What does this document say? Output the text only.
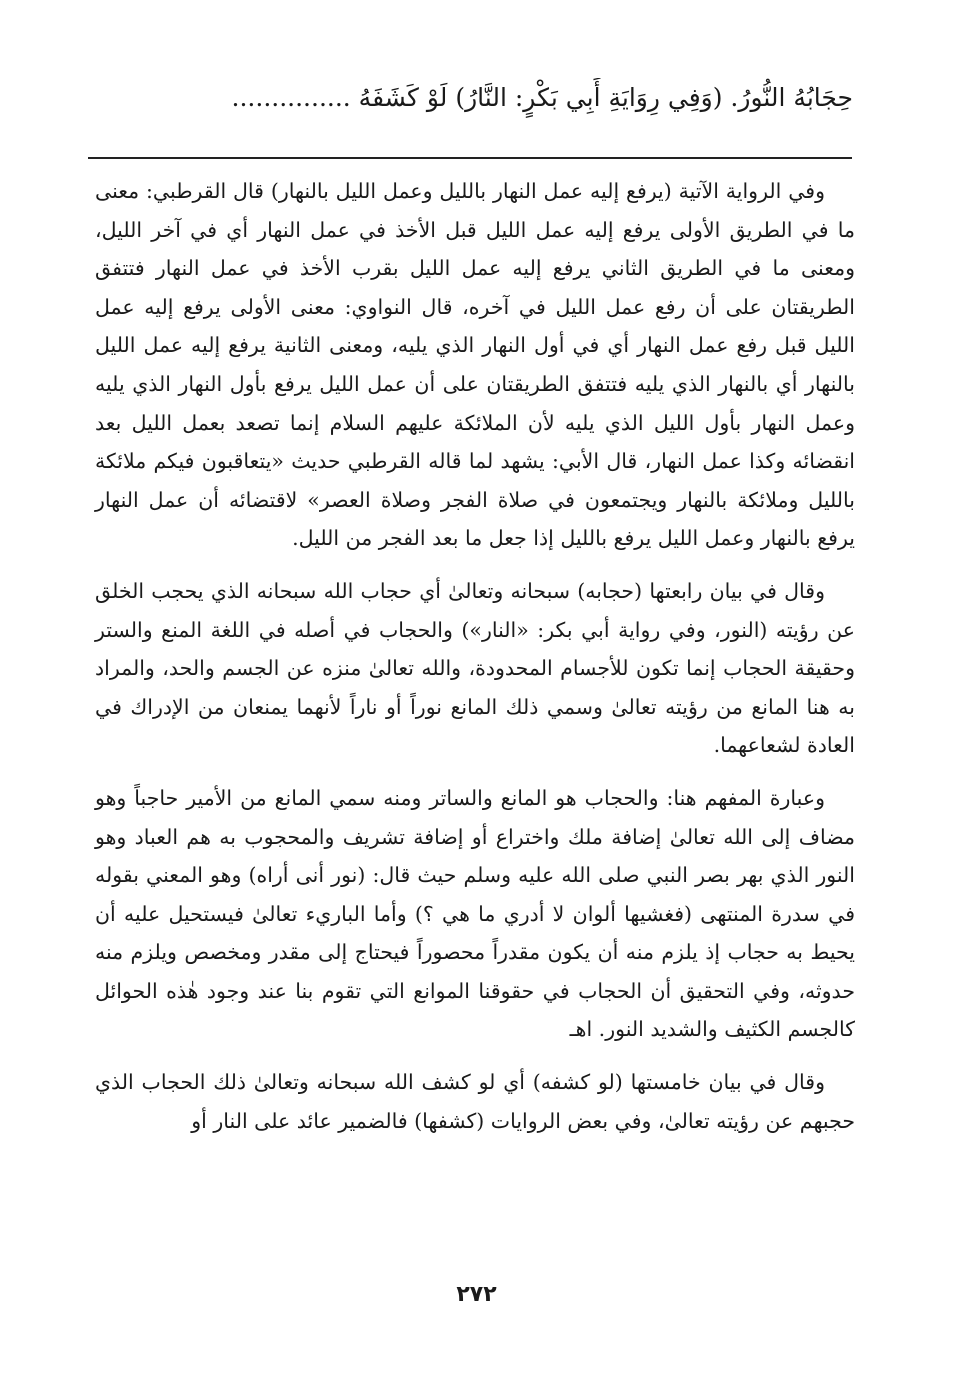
حِجَابُهُ النُّورُ. (وَفِي رِوَايَةِ أَبِي بَكْرٍ: النَّارُ) لَوْ كَشَفَهُ ...............

وفي الرواية الآتية (يرفع إليه عمل النهار بالليل وعمل الليل بالنهار) قال القرطبي: معنى ما في الطريق الأولى يرفع إليه عمل الليل قبل الأخذ في عمل النهار أي في آخر الليل، ومعنى ما في الطريق الثاني يرفع إليه عمل الليل بقرب الأخذ في عمل النهار فتتفق الطريقتان على أن رفع عمل الليل في آخره، قال النواوي: معنى الأولى يرفع إليه عمل الليل قبل رفع عمل النهار أي في أول النهار الذي يليه، ومعنى الثانية يرفع إليه عمل الليل بالنهار أي بالنهار الذي يليه فتتفق الطريقتان على أن عمل الليل يرفع بأول النهار الذي يليه وعمل النهار بأول الليل الذي يليه لأن الملائكة عليهم السلام إنما تصعد بعمل الليل بعد انقضائه وكذا عمل النهار، قال الأبي: يشهد لما قاله القرطبي حديث «يتعاقبون فيكم ملائكة بالليل وملائكة بالنهار ويجتمعون في صلاة الفجر وصلاة العصر» لاقتضائه أن عمل النهار يرفع بالنهار وعمل الليل يرفع بالليل إذا جعل ما بعد الفجر من الليل.

وقال في بيان رابعتها (حجابه) سبحانه وتعالىٰ أي حجاب الله سبحانه الذي يحجب الخلق عن رؤيته (النور، وفي رواية أبي بكر: «النار») والحجاب في أصله في اللغة المنع والستر وحقيقة الحجاب إنما تكون للأجسام المحدودة، والله تعالىٰ منزه عن الجسم والحد، والمراد به هنا المانع من رؤيته تعالىٰ وسمي ذلك المانع نوراً أو ناراً لأنهما يمنعان من الإدراك في العادة لشعاعهما.

وعبارة المفهم هنا: والحجاب هو المانع والساتر ومنه سمي المانع من الأمير حاجباً وهو مضاف إلى الله تعالىٰ إضافة ملك واختراع أو إضافة تشريف والمحجوب به هم العباد وهو النور الذي بهر بصر النبي صلى الله عليه وسلم حيث قال: (نور أنى أراه) وهو المعني بقوله في سدرة المنتهى (فغشيها ألوان لا أدري ما هي ؟) وأما الباريء تعالىٰ فيستحيل عليه أن يحيط به حجاب إذ يلزم منه أن يكون مقدراً محصوراً فيحتاج إلى مقدر ومخصص ويلزم منه حدوثه، وفي التحقيق أن الحجاب في حقوقنا الموانع التي تقوم بنا عند وجود هٰذه الحوائل كالجسم الكثيف والشديد النور. اهـ

وقال في بيان خامستها (لو كشفه) أي لو كشف الله سبحانه وتعالىٰ ذلك الحجاب الذي حجبهم عن رؤيته تعالىٰ، وفي بعض الروايات (كشفها) فالضمير عائد على النار أو

٢٧٢
